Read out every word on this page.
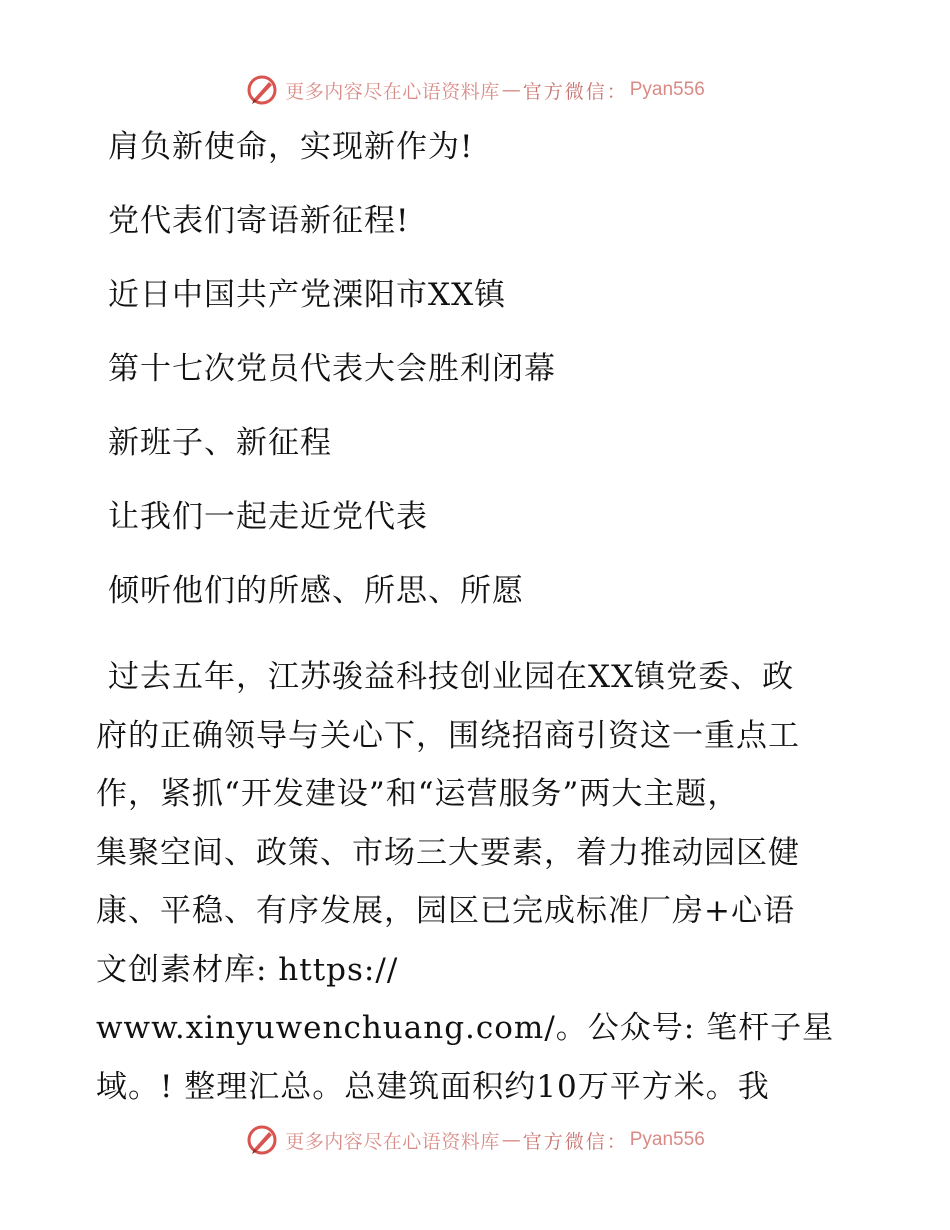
更多内容尽在心语资料库 — 官方微信： Pyan556
肩负新使命，实现新作为!
党代表们寄语新征程!
近日中国共产党溧阳市XX镇
第十七次党员代表大会胜利闭幕
新班子、新征程
让我们一起走近党代表
倾听他们的所感、所思、所愿
过去五年，江苏骏益科技创业园在XX镇党委、政
府的正确领导与关心下，围绕招商引资这一重点工
作，紧抓“开发建设”和“运营服务”两大主题，
集聚空间、政策、市场三大要素，着力推动园区健
康、平稳、有序发展，园区已完成标准厂房+心语
文创素材库: https://
www.xinyuwenchuang.com/。公众号: 笔杆子星
域。! 整理汇总。总建筑面积约10万平方米。我
更多内容尽在心语资料库 — 官方微信： Pyan556
